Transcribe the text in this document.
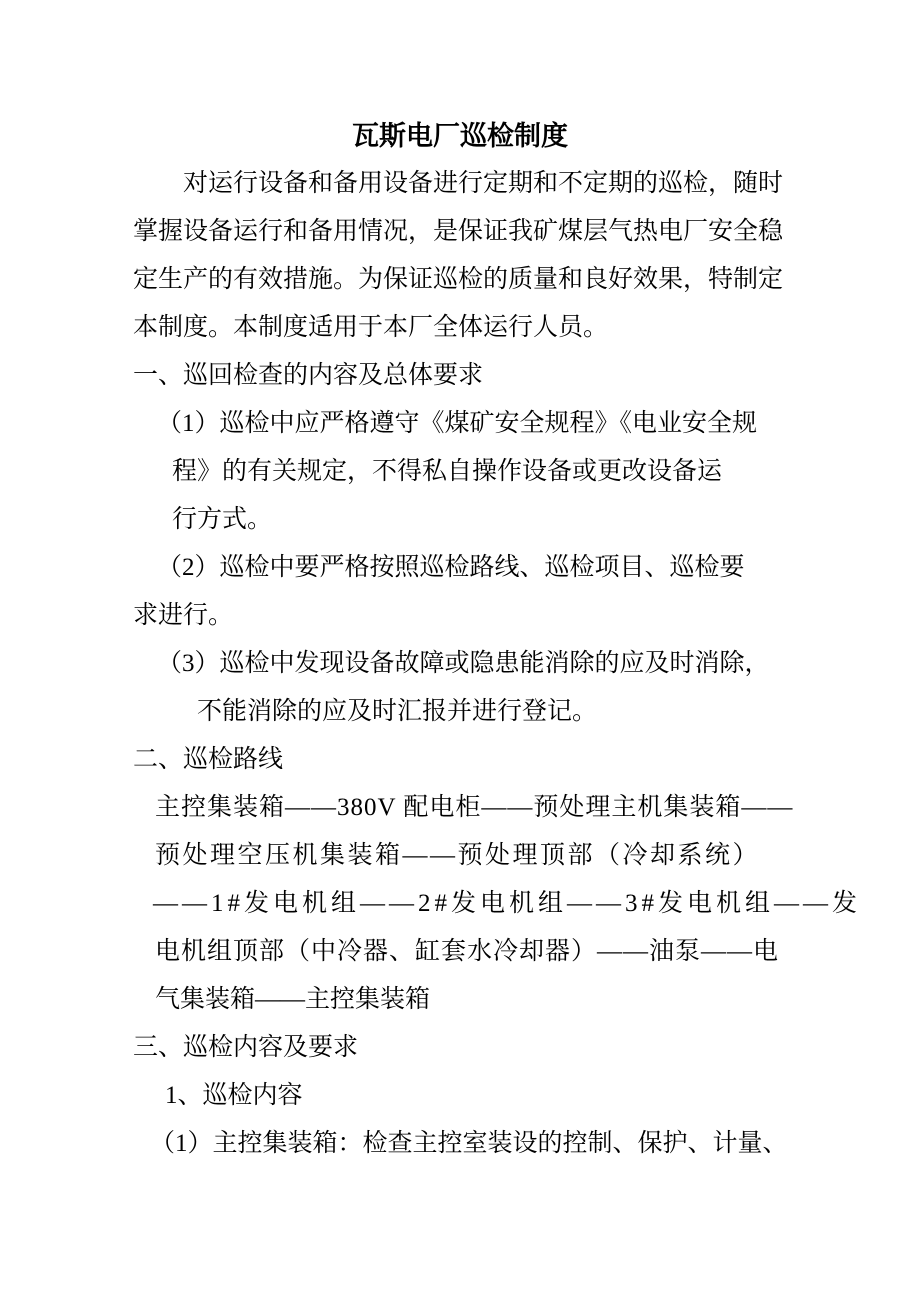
瓦斯电厂巡检制度
对运行设备和备用设备进行定期和不定期的巡检，随时
掌握设备运行和备用情况，是保证我矿煤层气热电厂安全稳
定生产的有效措施。为保证巡检的质量和良好效果，特制定
本制度。本制度适用于本厂全体运行人员。
一、巡回检查的内容及总体要求
（1）巡检中应严格遵守《煤矿安全规程》《电业安全规
程》的有关规定，不得私自操作设备或更改设备运
行方式。
（2）巡检中要严格按照巡检路线、巡检项目、巡检要
求进行。
（3）巡检中发现设备故障或隐患能消除的应及时消除，
不能消除的应及时汇报并进行登记。
二、巡检路线
主控集装箱——380V 配电柜——预处理主机集装箱——
预处理空压机集装箱——预处理顶部（冷却系统）
——1#发电机组——2#发电机组——3#发电机组——发
电机组顶部（中冷器、缸套水冷却器）——油泵——电
气集装箱——主控集装箱
三、巡检内容及要求
1、巡检内容
（1）主控集装箱：检查主控室装设的控制、保护、计量、
